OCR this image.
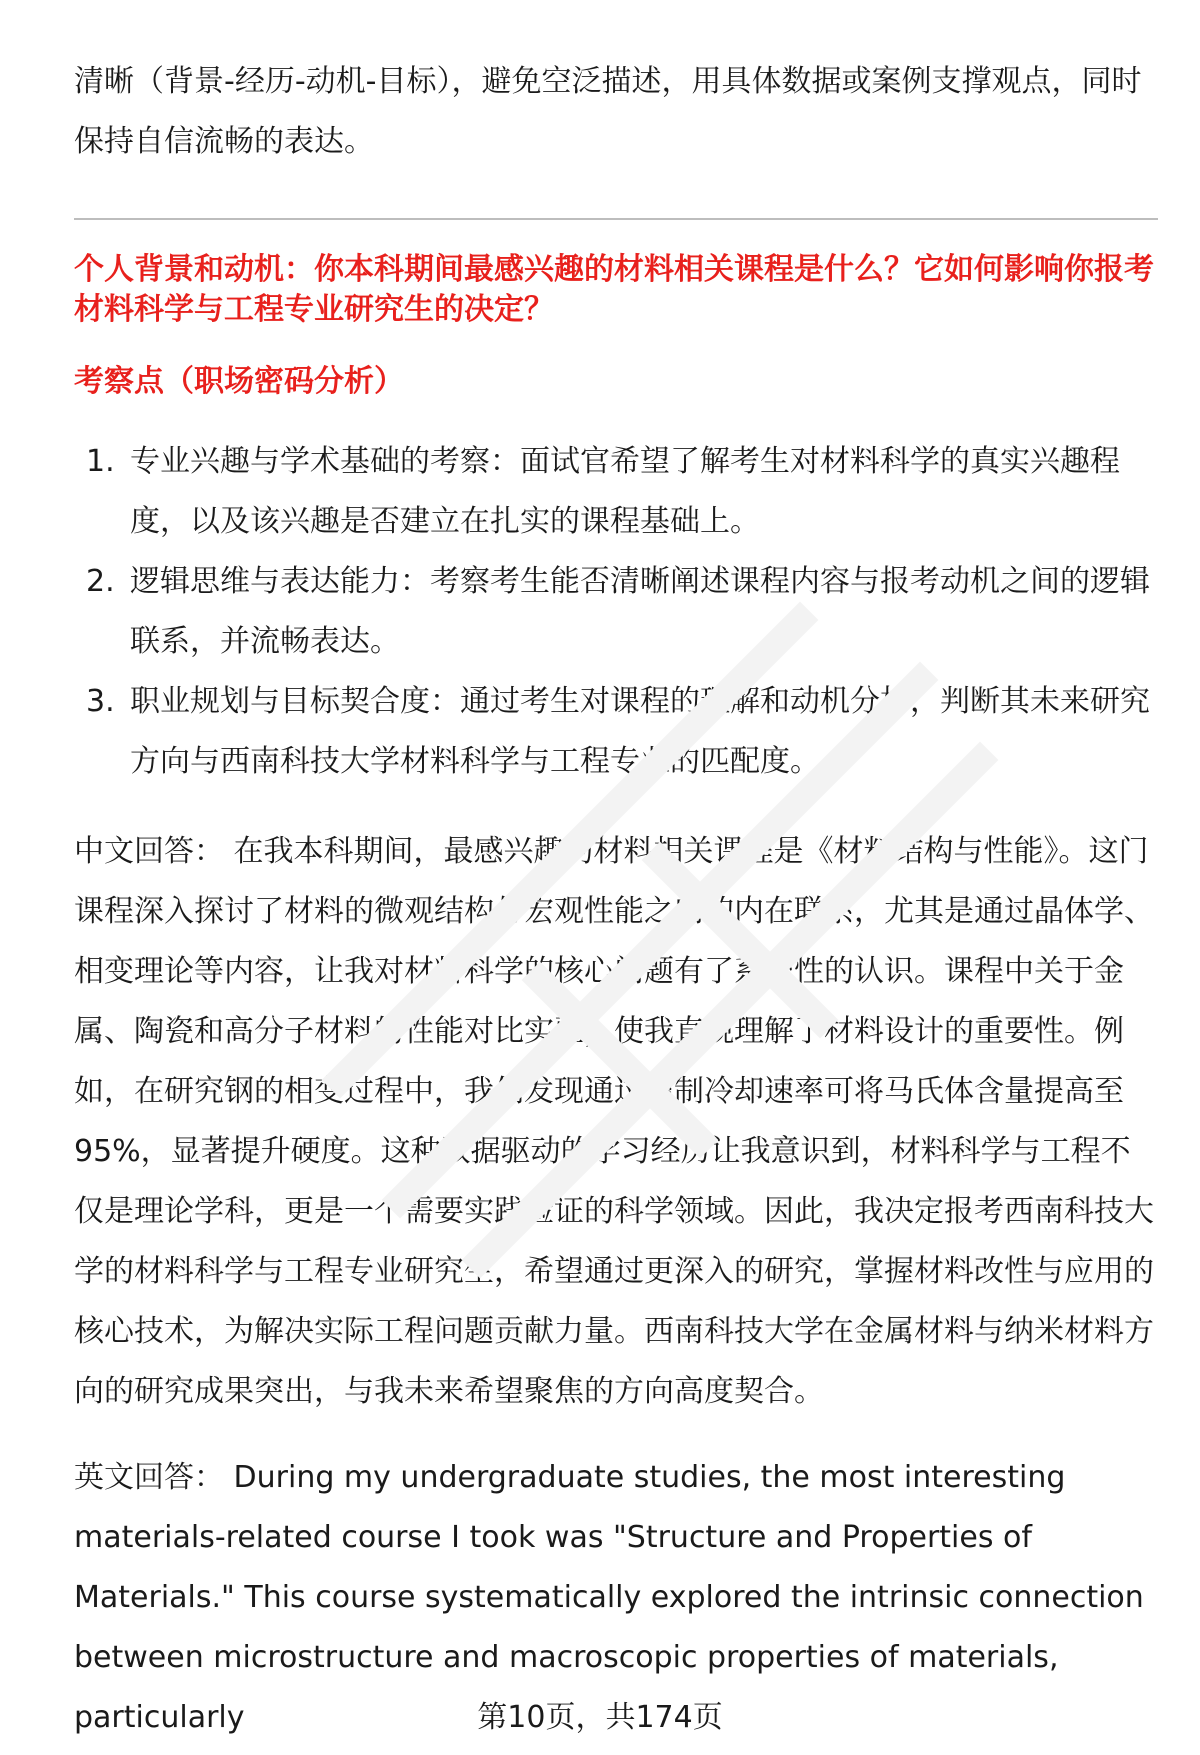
清晰（背景-经历-动机-目标），避免空泛描述，用具体数据或案例支撑观点，同时保持自信流畅的表达。

个人背景和动机：你本科期间最感兴趣的材料相关课程是什么？它如何影响你报考材料科学与工程专业研究生的决定？

考察点（职场密码分析）

1. 专业兴趣与学术基础的考察：面试官希望了解考生对材料科学的真实兴趣程度，以及该兴趣是否建立在扎实的课程基础上。
2. 逻辑思维与表达能力：考察考生能否清晰阐述课程内容与报考动机之间的逻辑联系，并流畅表达。
3. 职业规划与目标契合度：通过考生对课程的理解和动机分析，判断其未来研究方向与西南科技大学材料科学与工程专业的匹配度。

中文回答： 在我本科期间，最感兴趣的材料相关课程是《材料结构与性能》。这门课程深入探讨了材料的微观结构与宏观性能之间的内在联系，尤其是通过晶体学、相变理论等内容，让我对材料科学的核心问题有了系统性的认识。课程中关于金属、陶瓷和高分子材料的性能对比实验，使我直观理解了材料设计的重要性。例如，在研究钢的相变过程中，我们发现通过控制冷却速率可将马氏体含量提高至95%，显著提升硬度。这种数据驱动的学习经历让我意识到，材料科学与工程不仅是理论学科，更是一个需要实践验证的科学领域。因此，我决定报考西南科技大学的材料科学与工程专业研究生，希望通过更深入的研究，掌握材料改性与应用的核心技术，为解决实际工程问题贡献力量。西南科技大学在金属材料与纳米材料方向的研究成果突出，与我未来希望聚焦的方向高度契合。

英文回答： During my undergraduate studies, the most interesting materials-related course I took was "Structure and Properties of Materials." This course systematically explored the intrinsic connection between microstructure and macroscopic properties of materials, particularly	第10页，共174页
